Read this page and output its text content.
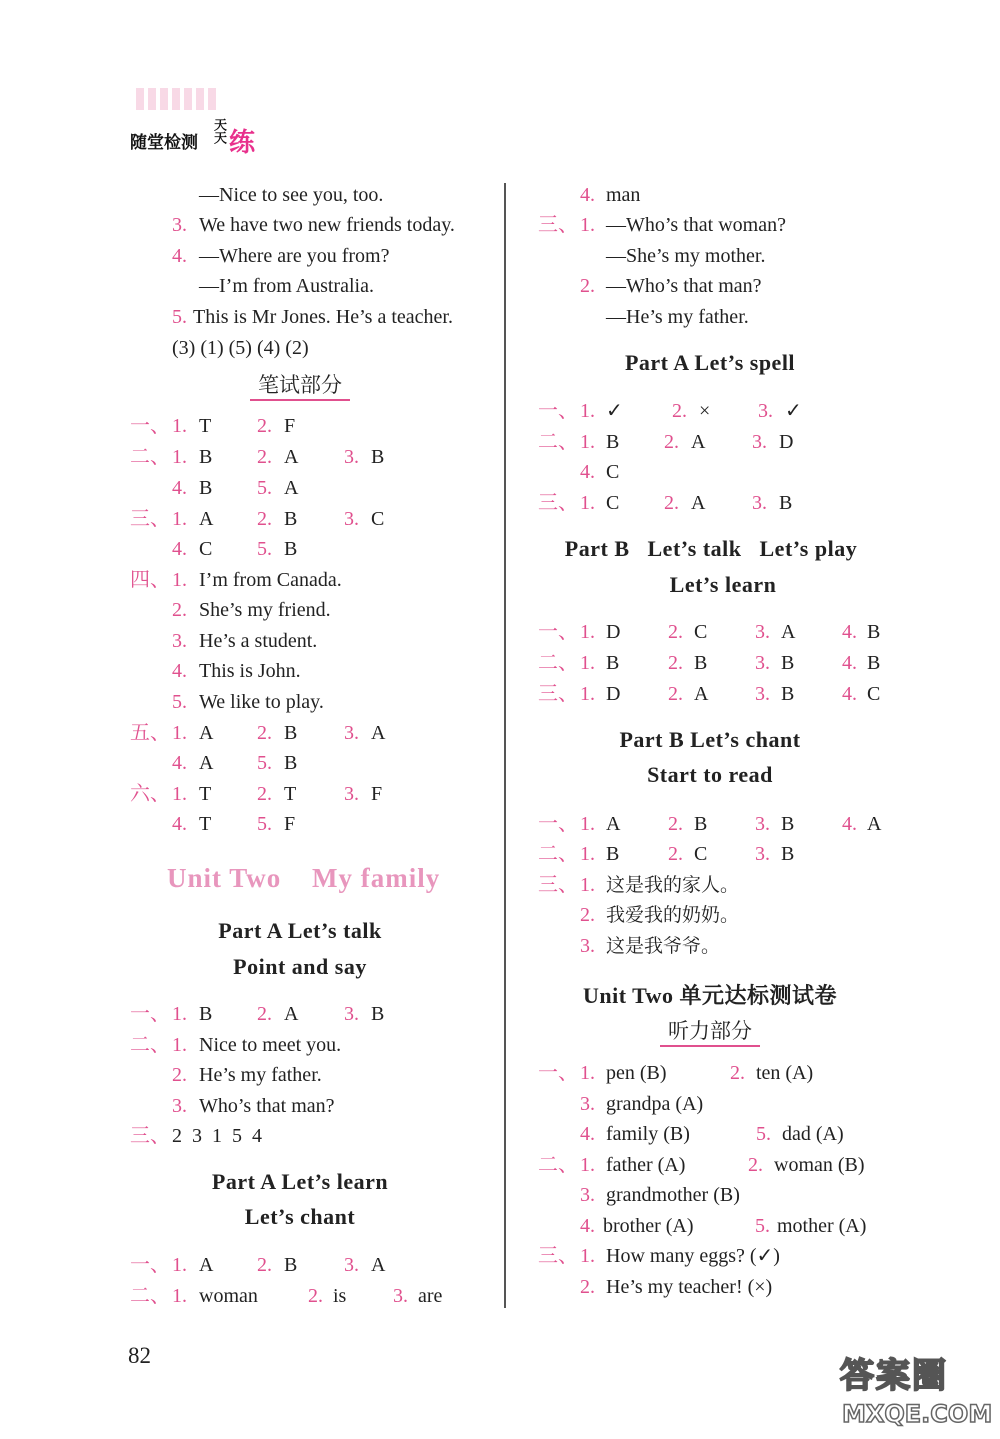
随堂检测 天天 练
—Nice to see you, too.
3. We have two new friends today.
4. —Where are you from?
—I’m from Australia.
5. This is Mr Jones. He’s a teacher.
(3) (1) (5) (4) (2)
笔试部分
一、 1. T 2. F
二、 1. B 2. A 3. B
4. B 5. A
三、 1. A 2. B 3. C
4. C 5. B
四、 1. I’m from Canada.
2. She’s my friend.
3. He’s a student.
4. This is John.
5. We like to play.
五、 1. A 2. B 3. A
4. A 5. B
六、 1. T 2. T 3. F
4. T 5. F
Unit Two My family
Part A Let’s talk
Point and say
一、 1. B 2. A 3. B
二、 1. Nice to meet you.
2. He’s my father.
3. Who’s that man?
三、 2  3  1  5  4
Part A Let’s learn
Let’s chant
一、 1. A 2. B 3. A
二、 1. woman	2. is 3. are
4. man
三、 1. —Who’s that woman?
—She’s my mother.
2. —Who’s that man?
—He’s my father.
Part A Let’s spell
一、 1. ✓ 2. × 3. ✓
二、 1. B 2. A 3. D
4. C
三、 1. C 2. A 3. B
Part B   Let’s talk   Let’s play
Let’s learn
一、 1. D 2. C 3. A 4. B
二、 1. B 2. B 3. B 4. B
三、 1. D 2. A 3. B 4. C
Part B Let’s chant
Start to read
一、 1. A 2. B 3. B 4. A
二、 1. B 2. C 3. B
三、 1. 这是我的家人。
2. 我爱我的奶奶。
3. 这是我爷爷。
Unit Two 单元达标测试卷
听力部分
一、 1. pen (B)	2. ten (A)
3. grandpa (A)
4. family (B)	5. dad (A)
二、 1. father (A)	2. woman (B)
3. grandmother (B)
4. brother (A)	5. mother (A)
三、 1. How many eggs? (✓)
2. He’s my teacher! (×)
82
答案圈
MXQE.COM
